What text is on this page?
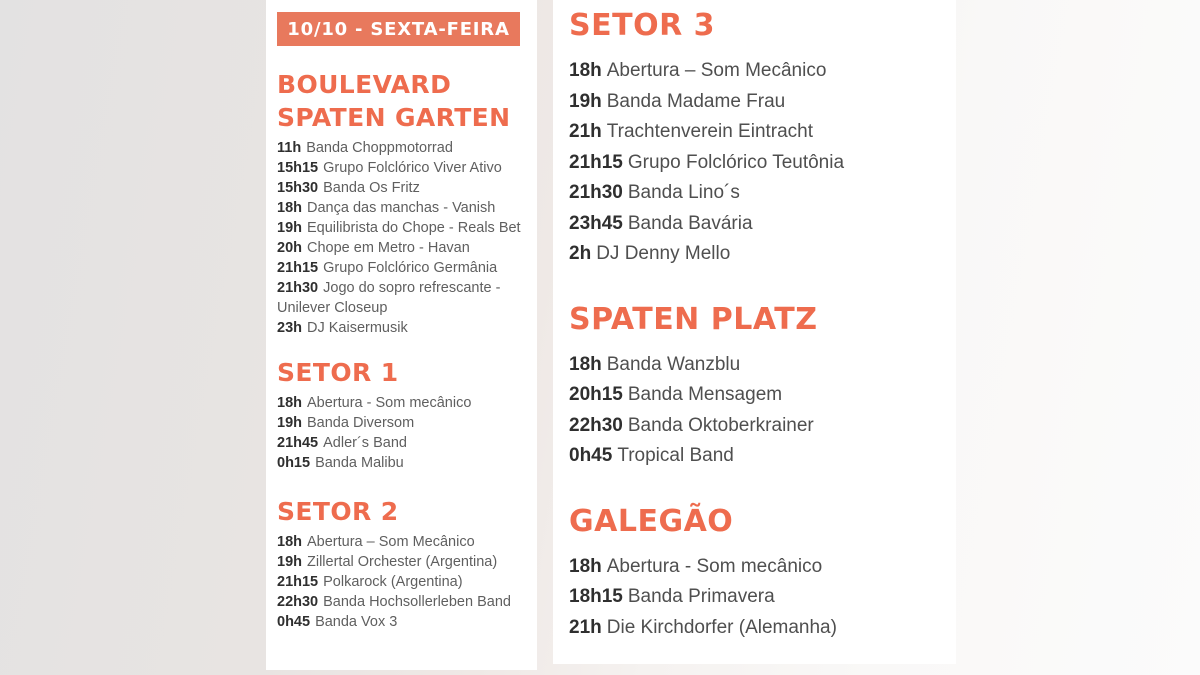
10/10 - SEXTA-FEIRA
BOULEVARD
SPATEN GARTEN
11h Banda Choppmotorrad
15h15 Grupo Folclórico Viver Ativo
15h30 Banda Os Fritz
18h Dança das manchas - Vanish
19h Equilibrista do Chope - Reals Bet
20h Chope em Metro - Havan
21h15 Grupo Folclórico Germânia
21h30 Jogo do sopro refrescante - Unilever Closeup
23h DJ Kaisermusik
SETOR 1
18h Abertura - Som mecânico
19h Banda Diversom
21h45 Adler´s Band
0h15 Banda Malibu
SETOR 2
18h Abertura – Som Mecânico
19h Zillertal Orchester (Argentina)
21h15 Polkarock (Argentina)
22h30 Banda Hochsollerleben Band
0h45 Banda Vox 3
SETOR 3
18h Abertura – Som Mecânico
19h Banda Madame Frau
21h Trachtenverein Eintracht
21h15 Grupo Folclórico Teutônia
21h30 Banda Lino´s
23h45 Banda Bavária
2h DJ Denny Mello
SPATEN PLATZ
18h Banda Wanzblu
20h15 Banda Mensagem
22h30 Banda Oktoberkrainer
0h45 Tropical Band
GALEGÃO
18h Abertura - Som mecânico
18h15 Banda Primavera
21h Die Kirchdorfer (Alemanha)
